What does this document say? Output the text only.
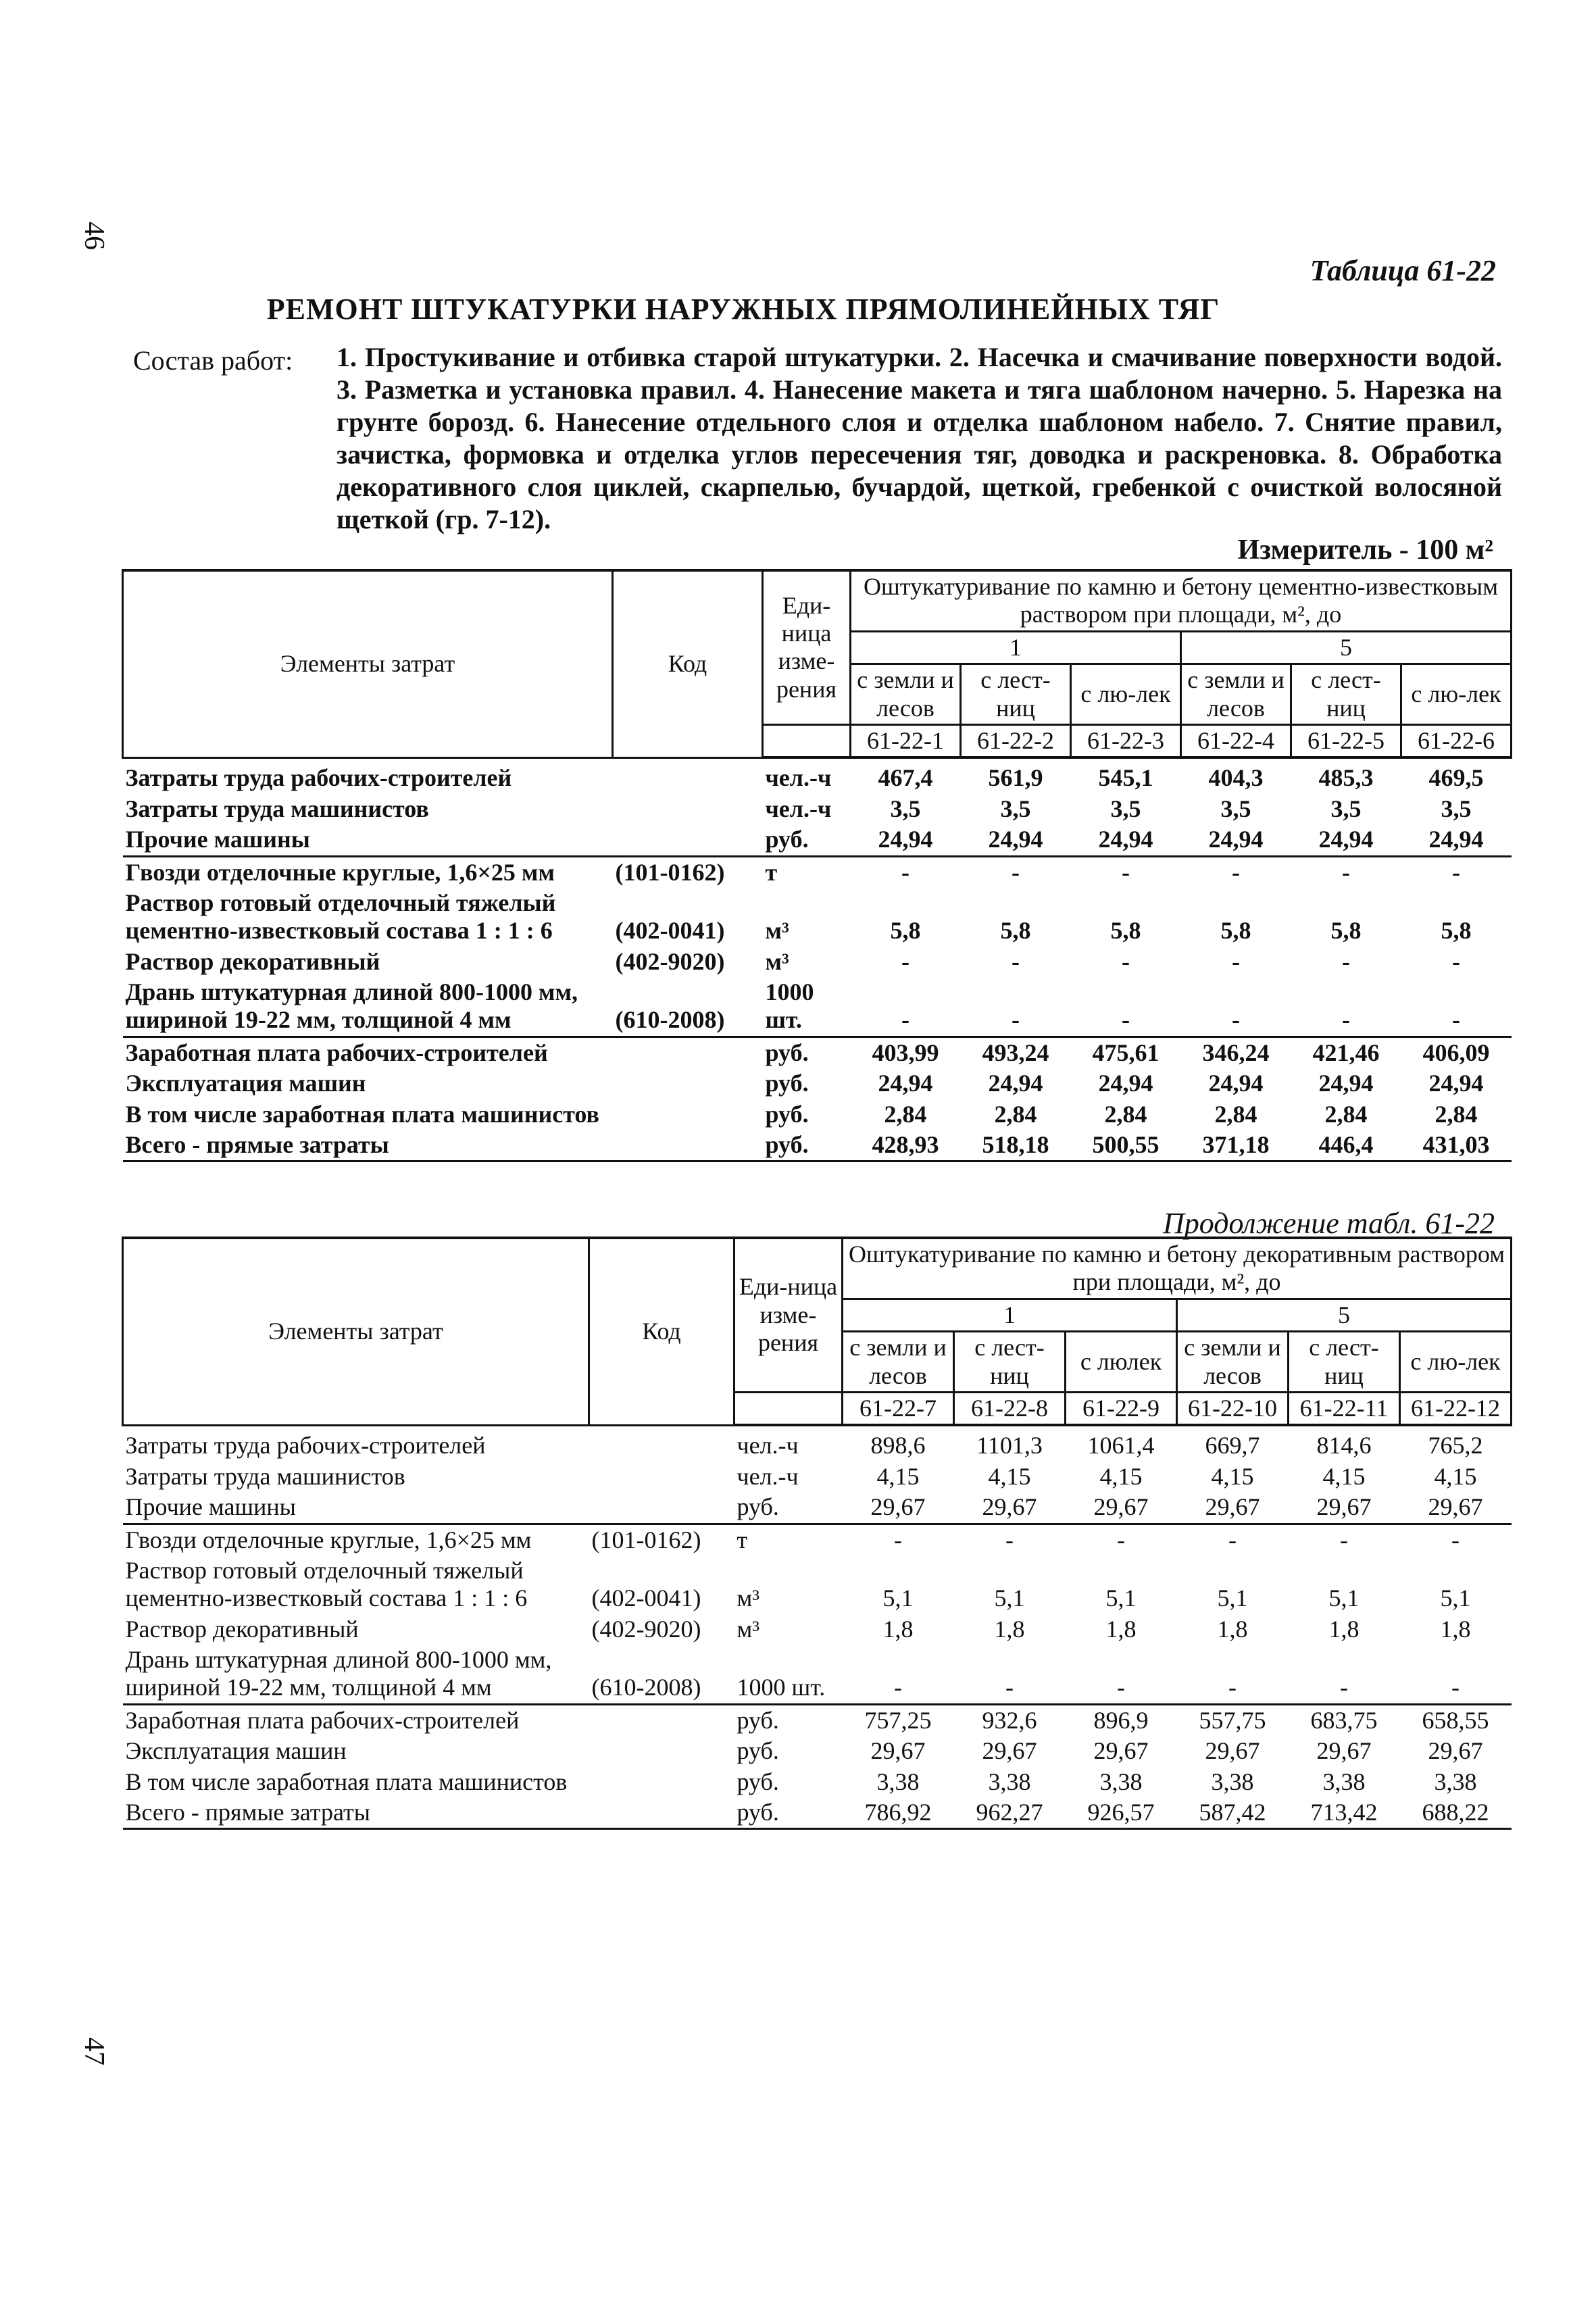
46
47
Таблица 61-22
РЕМОНТ ШТУКАТУРКИ НАРУЖНЫХ ПРЯМОЛИНЕЙНЫХ ТЯГ
Состав работ: 1. Простукивание и отбивка старой штукатурки. 2. Насечка и смачивание поверхности водой. 3. Разметка и установка правил. 4. Нанесение макета и тяга шаблоном начерно. 5. Нарезка на грунте борозд. 6. Нанесение отдельного слоя и отделка шаблоном набело. 7. Снятие правил, зачистка, формовка и отделка углов пересечения тяг, доводка и раскреновка. 8. Обработка декоративного слоя циклей, скарпелью, бучардой, щеткой, гребенкой с очисткой волосяной щеткой (гр. 7-12).
Измеритель - 100 м²
Элементы затрат	Код	Еди-ница изме-рения	Оштукатуривание по камню и бетону цементно-известковым раствором при площади, м², до					
			1			5		
			с земли и лесов	с лест-ниц	с лю-лек	с земли и лесов	с лест-ниц	с лю-лек

			61-22-1	61-22-2	61-22-3	61-22-4	61-22-5	61-22-6
Затраты труда рабочих-строителей		чел.-ч	467,4	561,9	545,1	404,3	485,3	469,5
Затраты труда машинистов		чел.-ч	3,5	3,5	3,5	3,5	3,5	3,5
Прочие машины		руб.	24,94	24,94	24,94	24,94	24,94	24,94
Гвозди отделочные круглые, 1,6×25 мм	(101-0162)	т	-	-	-	-	-	-
Раствор готовый отделочный тяжелый цементно-известковый состава 1 : 1 : 6	(402-0041)	м³	5,8	5,8	5,8	5,8	5,8	5,8
Раствор декоративный	(402-9020)	м³	-	-	-	-	-	-
Дрань штукатурная длиной 800-1000 мм, шириной 19-22 мм, толщиной 4 мм	(610-2008)	1000 шт.	-	-	-	-	-	-
Заработная плата рабочих-строителей		руб.	403,99	493,24	475,61	346,24	421,46	406,09
Эксплуатация машин		руб.	24,94	24,94	24,94	24,94	24,94	24,94
В том числе заработная плата машинистов		руб.	2,84	2,84	2,84	2,84	2,84	2,84
Всего - прямые затраты		руб.	428,93	518,18	500,55	371,18	446,4	431,03
Продолжение табл. 61-22
Элементы затрат	Код	Еди-ница изме-рения	Оштукатуривание по камню и бетону декоративным раствором при площади, м², до					
			1			5		
			с земли и лесов	с лест-ниц	с люлек	с земли и лесов	с лест-ниц	с лю-лек

			61-22-7	61-22-8	61-22-9	61-22-10	61-22-11	61-22-12
Затраты труда рабочих-строителей		чел.-ч	898,6	1101,3	1061,4	669,7	814,6	765,2
Затраты труда машинистов		чел.-ч	4,15	4,15	4,15	4,15	4,15	4,15
Прочие машины		руб.	29,67	29,67	29,67	29,67	29,67	29,67
Гвозди отделочные круглые, 1,6×25 мм	(101-0162)	т	-	-	-	-	-	-
Раствор готовый отделочный тяжелый цементно-известковый состава 1 : 1 : 6	(402-0041)	м³	5,1	5,1	5,1	5,1	5,1	5,1
Раствор декоративный	(402-9020)	м³	1,8	1,8	1,8	1,8	1,8	1,8
Дрань штукатурная длиной 800-1000 мм, шириной 19-22 мм, толщиной 4 мм	(610-2008)	1000 шт.	-	-	-	-	-	-
Заработная плата рабочих-строителей		руб.	757,25	932,6	896,9	557,75	683,75	658,55
Эксплуатация машин		руб.	29,67	29,67	29,67	29,67	29,67	29,67
В том числе заработная плата машинистов		руб.	3,38	3,38	3,38	3,38	3,38	3,38
Всего - прямые затраты		руб.	786,92	962,27	926,57	587,42	713,42	688,22
